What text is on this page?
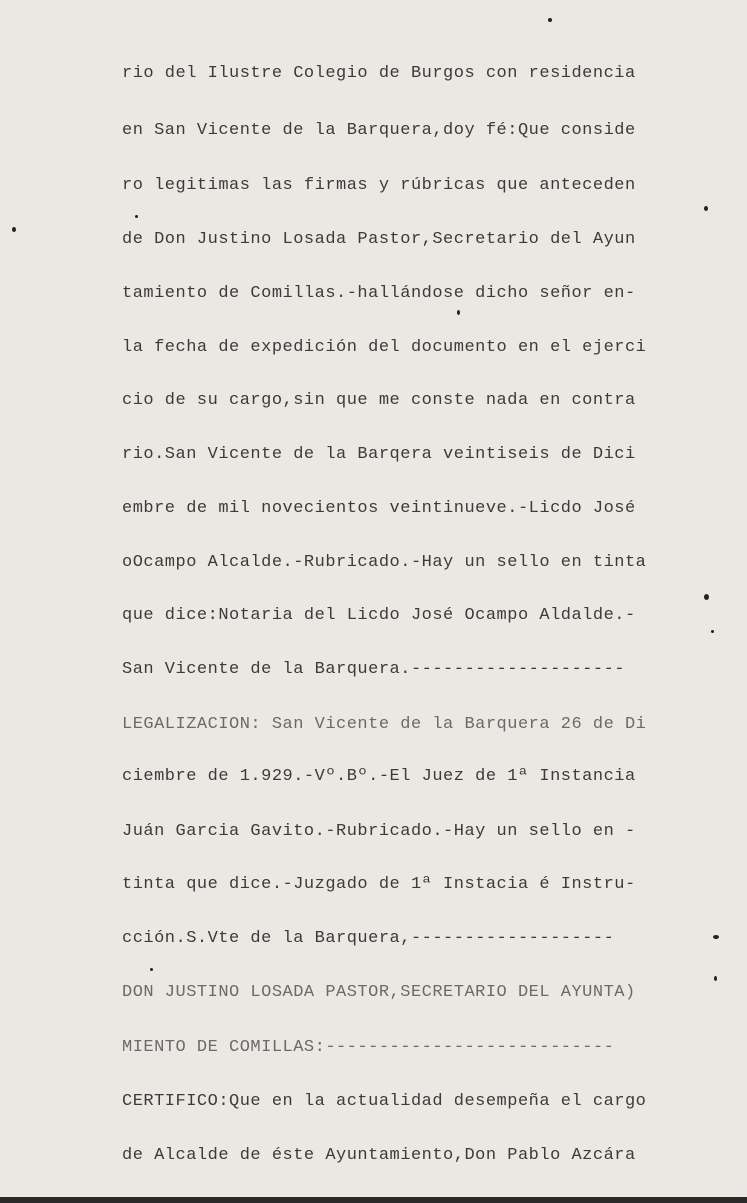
rio del Ilustre Colegio de Burgos con residencia
en San Vicente de la Barquera,doy fé:Que conside
ro legitimas las firmas y rúbricas que anteceden
de Don Justino Losada Pastor,Secretario del Ayun
tamiento de Comillas.-hallándose dicho señor en-
la fecha de expedición del documento en el ejerci
cio de su cargo,sin que me conste nada en contra
rio.San Vicente de la Barqera veintiseis de Dici
embre de mil novecientos veintinueve.-Licdo José
oOcampo Alcalde.-Rubricado.-Hay un sello en tinta
que dice:Notaria del Licdo José Ocampo Aldalde.-
San Vicente de la Barquera.--------------------
LEGALIZACION: San Vicente de la Barquera 26 de Di
ciembre de 1.929.-Vº.Bº.-El Juez de 1ª Instancia
Juán Garcia Gavito.-Rubricado.-Hay un sello en -
tinta que dice.-Juzgado de 1ª Instacia é Instru-
cción.S.Vte de la Barquera,-------------------
DON JUSTINO LOSADA PASTOR,SECRETARIO DEL AYUNTA)
MIENTO DE COMILLAS:---------------------------
CERTIFICO:Que en la actualidad desempeña el cargo
de Alcalde de éste Ayuntamiento,Don Pablo Azcára
